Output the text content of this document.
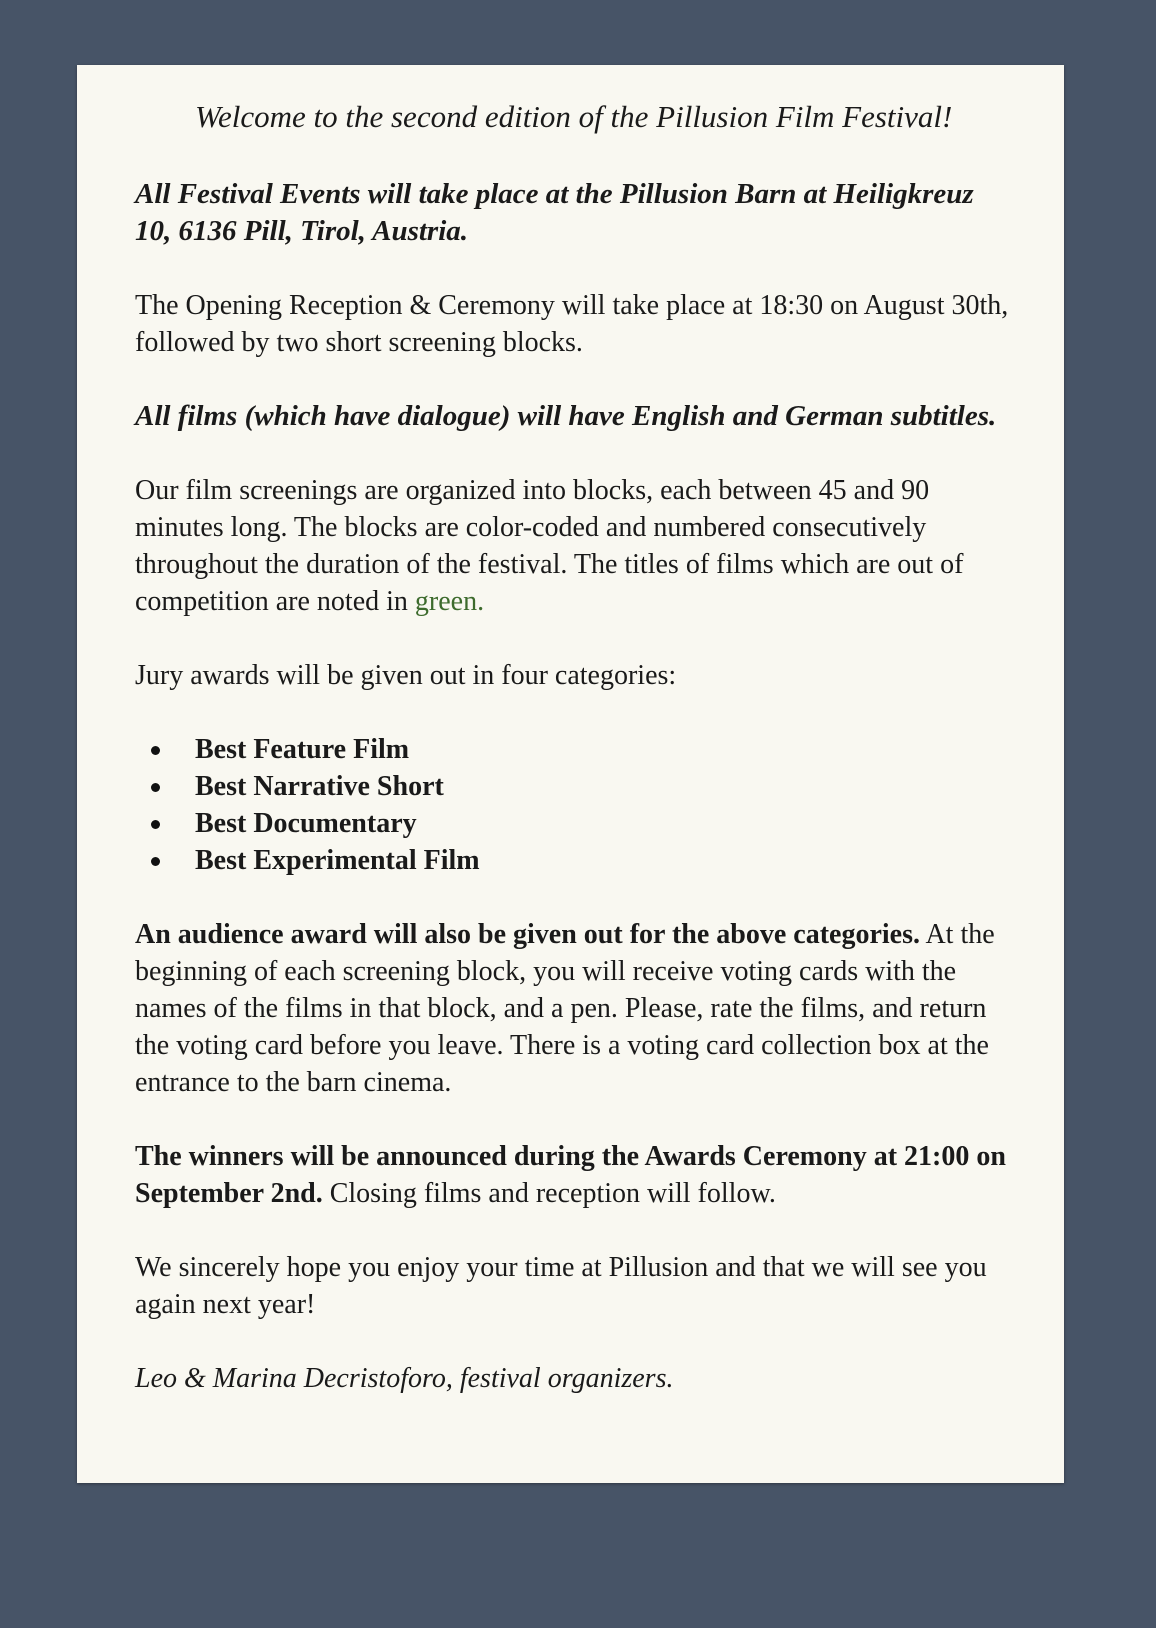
Welcome to the second edition of the Pillusion Film Festival!

All Festival Events will take place at the Pillusion Barn at Heiligkreuz 10, 6136 Pill, Tirol, Austria.

The Opening Reception & Ceremony will take place at 18:30 on August 30th, followed by two short screening blocks.

All films (which have dialogue) will have English and German subtitles.

Our film screenings are organized into blocks, each between 45 and 90 minutes long. The blocks are color-coded and numbered consecutively throughout the duration of the festival. The titles of films which are out of competition are noted in green.

Jury awards will be given out in four categories:

Best Feature Film
Best Narrative Short
Best Documentary
Best Experimental Film

An audience award will also be given out for the above categories. At the beginning of each screening block, you will receive voting cards with the names of the films in that block, and a pen. Please, rate the films, and return the voting card before you leave. There is a voting card collection box at the entrance to the barn cinema.

The winners will be announced during the Awards Ceremony at 21:00 on September 2nd. Closing films and reception will follow.

We sincerely hope you enjoy your time at Pillusion and that we will see you again next year!

Leo & Marina Decristoforo, festival organizers.
